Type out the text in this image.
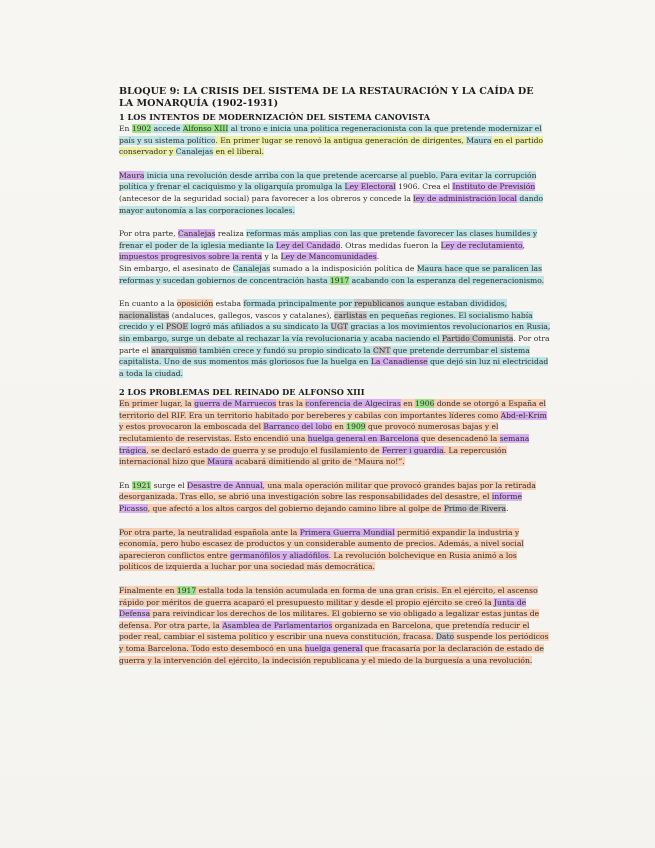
BLOQUE 9: LA CRISIS DEL SISTEMA DE LA RESTAURACIÓN Y LA CAÍDA DE LA MONARQUÍA (1902-1931)
1 LOS INTENTOS DE MODERNIZACIÓN DEL SISTEMA CANOVISTA

En 1902 accede Alfonso XIII al trono e inicia una política regeneracionista con la que pretende modernizar el país y su sistema político. En primer lugar se renovó la antigua generación de dirigentes, Maura en el partido conservador y Canalejas en el liberal.

Maura inicia una revolución desde arriba con la que pretende acercarse al pueblo. Para evitar la corrupción política y frenar el caciquismo y la oligarquía promulga la Ley Electoral 1906. Crea el Instituto de Previsión (antecesor de la seguridad social) para favorecer a los obreros y concede la ley de administración local dando mayor autonomía a las corporaciones locales.

Por otra parte, Canalejas realiza reformas más amplias con las que pretende favorecer las clases humildes y frenar el poder de la iglesia mediante la Ley del Candado. Otras medidas fueron la Ley de reclutamiento, impuestos progresivos sobre la renta y la Ley de Mancomunidades.

Sin embargo, el asesinato de Canalejas sumado a la indisposición política de Maura hace que se paralicen las reformas y sucedan gobiernos de concentración hasta 1917 acabando con la esperanza del regeneracionismo.

En cuanto a la oposición estaba formada principalmente por republicanos aunque estaban divididos, nacionalistas (andaluces, gallegos, vascos y catalanes), carlistas en pequeñas regiones. El socialismo había crecido y el PSOE logró más afiliados a su sindicato la UGT gracias a los movimientos revolucionarios en Rusia, sin embargo, surge un debate al rechazar la vía revolucionaria y acaba naciendo el Partido Comunista. Por otra parte el anarquismo también crece y fundó su propio sindicato la CNT que pretende derrumbar el sistema capitalista. Uno de sus momentos más gloriosos fue la huelga en La Canadiense que dejó sin luz ni electricidad a toda la ciudad.

2 LOS PROBLEMAS DEL REINADO DE ALFONSO XIII

En primer lugar, la guerra de Marruecos tras la conferencia de Algeciras en 1906 donde se otorgó a España el territorio del RIF. Era un territorio habitado por bereberes y cabilas con importantes líderes como Abd-el-Krim y estos provocaron la emboscada del Barranco del lobo en 1909 que provocó numerosas bajas y el reclutamiento de reservistas. Esto encendió una huelga general en Barcelona que desencadenó la semana trágica, se declaró estado de guerra y se produjo el fusilamiento de Ferrer i guardia. La repercusión internacional hizo que Maura acabará dimitiendo al grito de “Maura no!”.

En 1921 surge el Desastre de Annual, una mala operación militar que provocó grandes bajas por la retirada desorganizada. Tras ello, se abrió una investigación sobre las responsabilidades del desastre, el informe Picasso, que afectó a los altos cargos del gobierno dejando camino libre al golpe de Primo de Rivera.

Por otra parte, la neutralidad española ante la Primera Guerra Mundial permitió expandir la industria y economía, pero hubo escasez de productos y un considerable aumento de precios. Además, a nivel social aparecieron conflictos entre germanófilos y aliadófilos. La revolución bolchevique en Rusia animó a los políticos de izquierda a luchar por una sociedad más democrática.

Finalmente en 1917 estalla toda la tensión acumulada en forma de una gran crisis. En el ejército, el ascenso rápido por méritos de guerra acaparó el presupuesto militar y desde el propio ejército se creó la Junta de Defensa para reivindicar los derechos de los militares. El gobierno se vio obligado a legalizar estas juntas de defensa. Por otra parte, la Asamblea de Parlamentarios organizada en Barcelona, que pretendía reducir el poder real, cambiar el sistema político y escribir una nueva constitución, fracasa. Dato suspende los periódicos y toma Barcelona. Todo esto desembocó en una huelga general que fracasaría por la declaración de estado de guerra y la intervención del ejército, la indecisión republicana y el miedo de la burguesía a una revolución.
